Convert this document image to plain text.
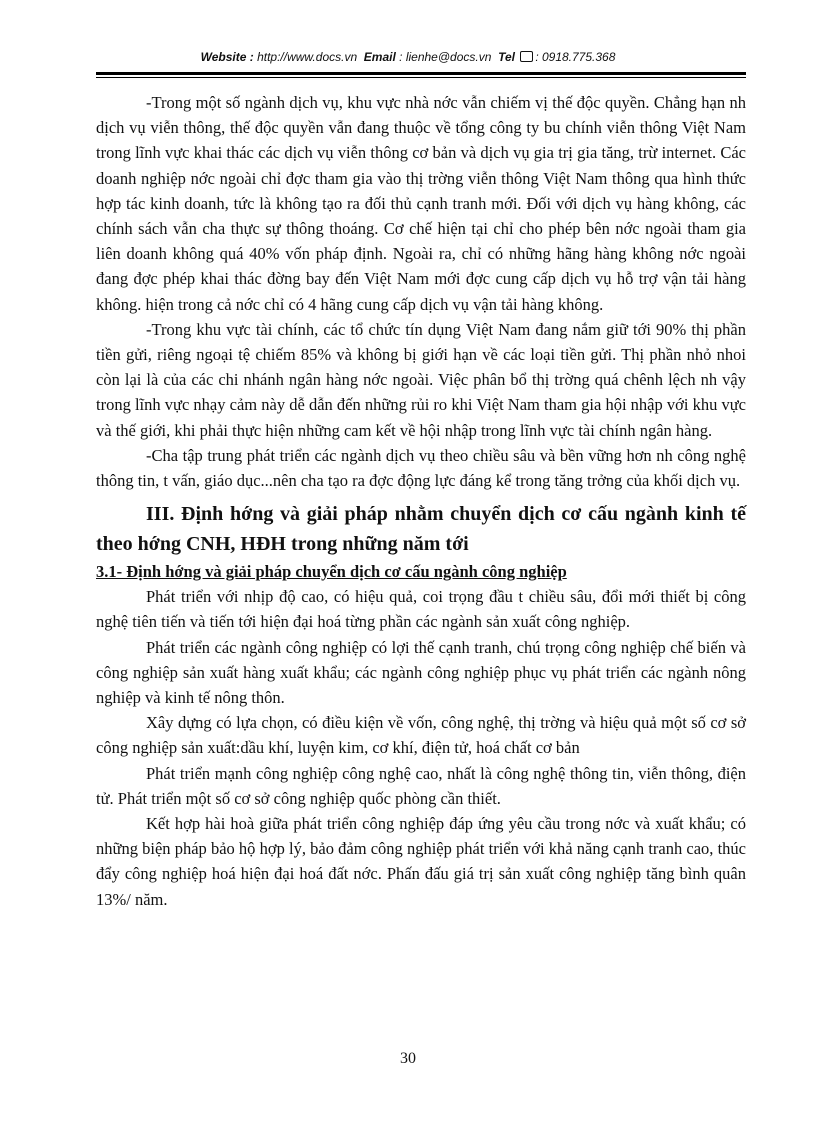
Website : http://www.docs.vn Email : lienhe@docs.vn Tel : 0918.775.368

-Trong một số ngành dịch vụ, khu vực nhà nớc vẫn chiếm vị thế độc quyền. Chẳng hạn nh dịch vụ viễn thông, thế độc quyền vẫn đang thuộc về tổng công ty bu chính viễn thông Việt Nam trong lĩnh vực khai thác các dịch vụ viễn thông cơ bản và dịch vụ gia trị gia tăng, trừ internet. Các doanh nghiệp nớc ngoài chỉ đợc tham gia vào thị trờng viễn thông Việt Nam thông qua hình thức hợp tác kinh doanh, tức là không tạo ra đối thủ cạnh tranh mới. Đối với dịch vụ hàng không, các chính sách vẫn cha thực sự thông thoáng. Cơ chế hiện tại chỉ cho phép bên nớc ngoài tham gia liên doanh không quá 40% vốn pháp định. Ngoài ra, chỉ có những hãng hàng không nớc ngoài đang đợc phép khai thác đờng bay đến Việt Nam mới đợc cung cấp dịch vụ hỗ trợ vận tải hàng không. hiện trong cả nớc chỉ có 4 hãng cung cấp dịch vụ vận tải hàng không.

-Trong khu vực tài chính, các tổ chức tín dụng Việt Nam đang nắm giữ tới 90% thị phần tiền gửi, riêng ngoại tệ chiếm 85% và không bị giới hạn về các loại tiền gửi. Thị phần nhỏ nhoi còn lại là của các chi nhánh ngân hàng nớc ngoài. Việc phân bổ thị trờng quá chênh lệch nh vậy trong lĩnh vực nhạy cảm này dễ dẫn đến những rủi ro khi Việt Nam tham gia hội nhập với khu vực và thế giới, khi phải thực hiện những cam kết về hội nhập trong lĩnh vực tài chính ngân hàng.

-Cha tập trung phát triển các ngành dịch vụ theo chiều sâu và bền vững hơn nh công nghệ thông tin, t vấn, giáo dục...nên cha tạo ra đợc động lực đáng kể trong tăng trởng của khối dịch vụ.

III. Định hớng và giải pháp nhằm chuyển dịch cơ cấu ngành kinh tế theo hớng CNH, HĐH trong những năm tới
3.1- Định hớng và giải pháp chuyển dịch cơ cấu ngành công nghiệp

Phát triển với nhịp độ cao, có hiệu quả, coi trọng đầu t chiều sâu, đổi mới thiết bị công nghệ tiên tiến và tiến tới hiện đại hoá từng phần các ngành sản xuất công nghiệp.

Phát triển các ngành công nghiệp có lợi thế cạnh tranh, chú trọng công nghiệp chế biến và công nghiệp sản xuất hàng xuất khẩu; các ngành công nghiệp phục vụ phát triển các ngành nông nghiệp và kinh tế nông thôn.

Xây dựng có lựa chọn, có điều kiện về vốn, công nghệ, thị trờng và hiệu quả một số cơ sở công nghiệp sản xuất:dầu khí, luyện kim, cơ khí, điện tử, hoá chất cơ bản

Phát triển mạnh công nghiệp công nghệ cao, nhất là công nghệ thông tin, viễn thông, điện tử. Phát triển một số cơ sở công nghiệp quốc phòng cần thiết.

Kết hợp hài hoà giữa phát triển công nghiệp đáp ứng yêu cầu trong nớc và xuất khẩu; có những biện pháp bảo hộ hợp lý, bảo đảm công nghiệp phát triển với khả năng cạnh tranh cao, thúc đẩy công nghiệp hoá hiện đại hoá đất nớc. Phấn đấu giá trị sản xuất công nghiệp tăng bình quân 13%/ năm.

30
